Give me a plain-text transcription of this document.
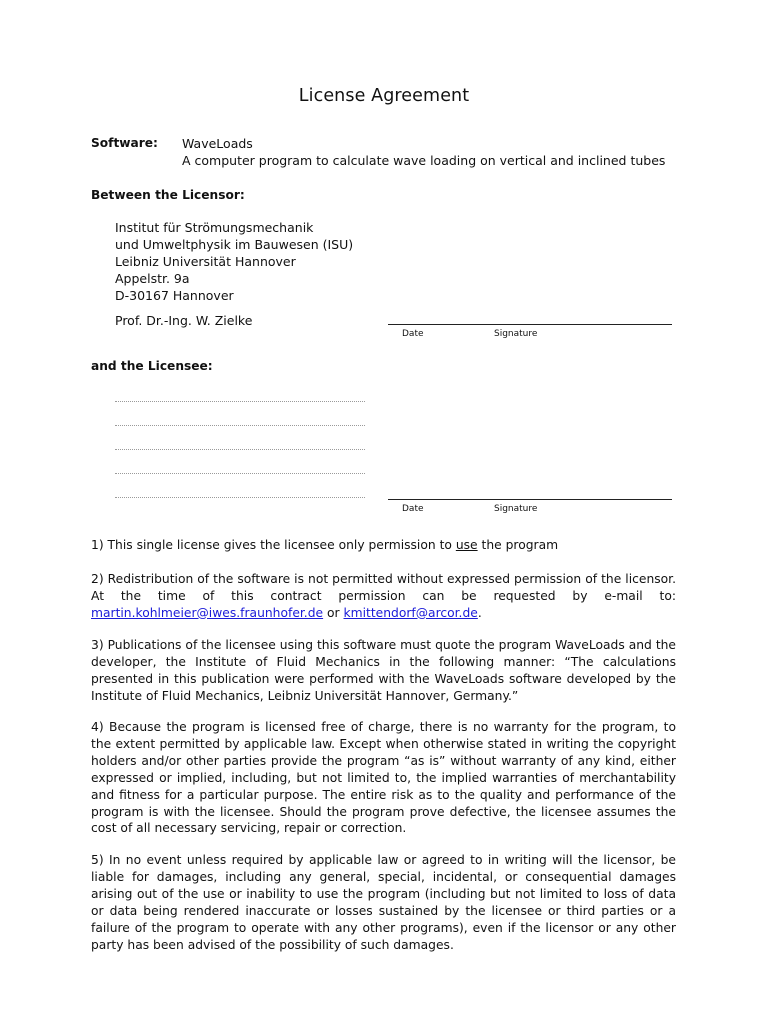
License Agreement
Software: WaveLoads
A computer program to calculate wave loading on vertical and inclined tubes
Between the Licensor:
Institut für Strömungsmechanik
und Umweltphysik im Bauwesen (ISU)
Leibniz Universität Hannover
Appelstr. 9a
D-30167 Hannover
Prof. Dr.-Ing. W. Zielke
Date	Signature
and the Licensee:
Date	Signature
1) This single license gives the licensee only permission to use the program
2) Redistribution of the software is not permitted without expressed permission of the licensor. At the time of this contract permission can be requested by e-mail to: martin.kohlmeier@iwes.fraunhofer.de or kmittendorf@arcor.de.
3) Publications of the licensee using this software must quote the program WaveLoads and the developer, the Institute of Fluid Mechanics in the following manner: “The calculations presented in this publication were performed with the WaveLoads software developed by the Institute of Fluid Mechanics, Leibniz Universität Hannover, Germany.”
4) Because the program is licensed free of charge, there is no warranty for the program, to the extent permitted by applicable law. Except when otherwise stated in writing the copyright holders and/or other parties provide the program “as is” without warranty of any kind, either expressed or implied, including, but not limited to, the implied warranties of merchantability and fitness for a particular purpose. The entire risk as to the quality and performance of the program is with the licensee. Should the program prove defective, the licensee assumes the cost of all necessary servicing, repair or correction.
5) In no event unless required by applicable law or agreed to in writing will the licensor, be liable for damages, including any general, special, incidental, or consequential damages arising out of the use or inability to use the program (including but not limited to loss of data or data being rendered inaccurate or losses sustained by the licensee or third parties or a failure of the program to operate with any other programs), even if the licensor or any other party has been advised of the possibility of such damages.
